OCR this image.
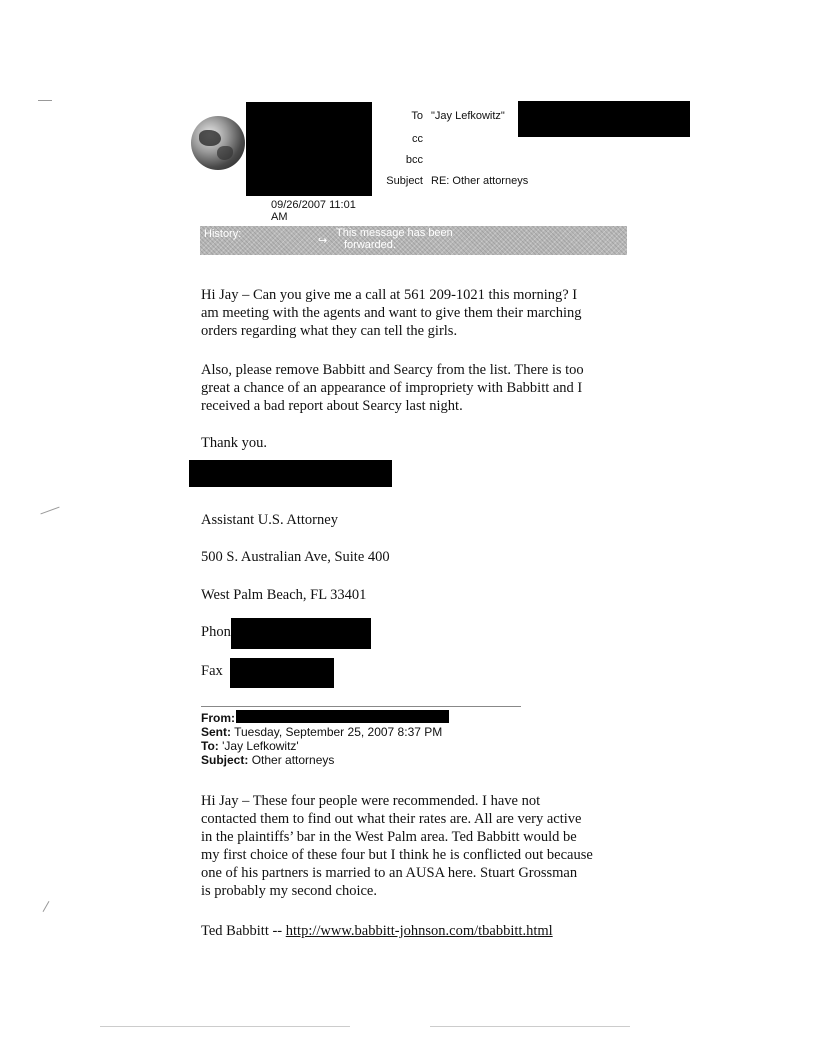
To "Jay Lefkowitz"
cc
bcc
Subject RE: Other attorneys
09/26/2007 11:01
AM
History:
↪
This message has been
forwarded.
Hi Jay – Can you give me a call at 561 209-1021 this morning? I
am meeting with the agents and want to give them their marching
orders regarding what they can tell the girls.
Also, please remove Babbitt and Searcy from the list. There is too
great a chance of an appearance of impropriety with Babbitt and I
received a bad report about Searcy last night.
Thank you.
Assistant U.S. Attorney
500 S. Australian Ave, Suite 400
West Palm Beach, FL 33401
Phon
Fax
From:
Sent: Tuesday, September 25, 2007 8:37 PM
To: 'Jay Lefkowitz'
Subject: Other attorneys
Hi Jay – These four people were recommended. I have not
contacted them to find out what their rates are. All are very active
in the plaintiffs’ bar in the West Palm area. Ted Babbitt would be
my first choice of these four but I think he is conflicted out because
one of his partners is married to an AUSA here. Stuart Grossman
is probably my second choice.
Ted Babbitt -- http://www.babbitt-johnson.com/tbabbitt.html
